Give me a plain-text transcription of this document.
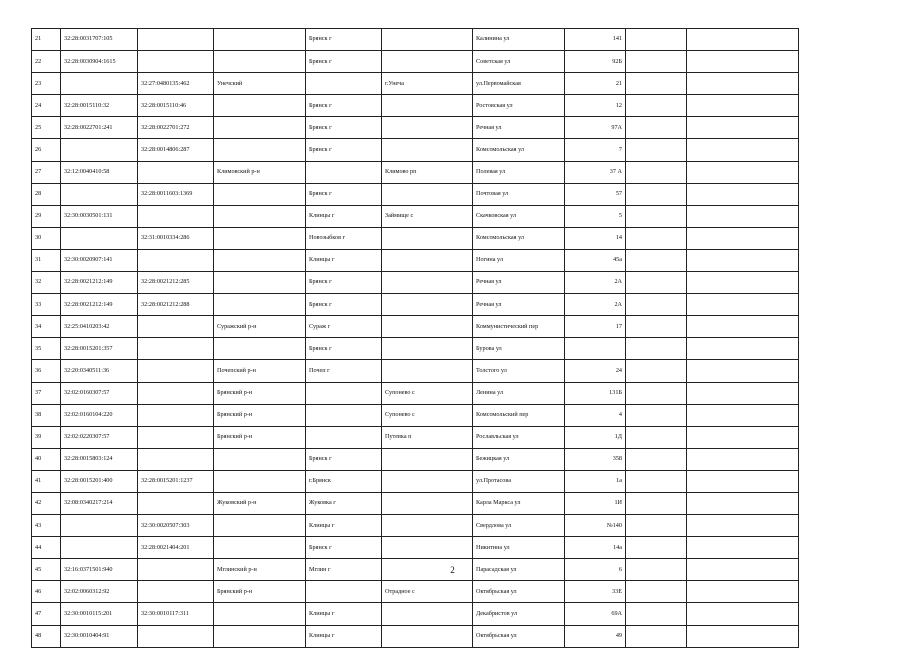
21	32:28:0031707:105			Брянск г		Калинина ул	141		
22	32:28:0030904:1615			Брянск г		Советская ул	92Б		
23		32:27:0480135:462	Унечский		г.Унеча	ул.Первомайская	21		
24	32:28:0015110:32	32:28:0015110:46		Брянск г		Ростовская ул	12		
25	32:28:0022701:241	32:28:0022701:272		Брянск г		Речная ул	97А		
26		32:28:0014806:287		Брянск г		Комсомольская ул	7		
27	32:12:0040410:58		Климовский р-н		Климово рп	Полевая ул	37 А		
28		32:28:0011603:1369		Брянск г		Почтовая ул	57		
29	32:30:0030501:131			Клинцы г	Займище с	Скачковская ул	5		
30		32:31:0010334:286		Новозыбков г		Комсомольская ул	14		
31	32:30:0020907:141			Клинцы г		Ногина ул	45а		
32	32:28:0021212:149	32:28:0021212:285		Брянск г		Речная ул	2А		
33	32:28:0021212:149	32:28:0021212:288		Брянск г		Речная ул	2А		
34	32:25:0410203:42		Суражский р-н	Сураж г		Коммунистический пер	17		
35	32:28:0015201:357			Брянск г		Бурова ул			
36	32:20:0340511:36		Почепский р-н	Почеп г		Толстого ул	24		
37	32:02:0160307:57		Брянский р-н		Супонево с	Ленина ул	131Б		
38	32:02:0160104:220		Брянский р-н		Супонево с	Комсомольский пер	4		
39	32:02:0220307:57		Брянский р-н		Путевка п	Рославльская ул	1Д		
40	32:28:0015803:124			Брянск г		Бежицкая ул	358		
41	32:28:0015201:400	32:28:0015201:1237		г.Брянск		ул.Протасова	1а		
42	32:08:0340217:214		Жуковский р-н	Жуковка г		Карла Маркса ул	1И		
43		32:30:0020507:303		Клинцы г		Свердлова ул	№140		
44		32:28:0021404:201		Брянск г		Никитина ул	14а		
45	32:16:0371501:940		Мглинский р-н	Мглин г		Парасадская ул	6		
46	32:02:0060312:92		Брянский р-н		Отрадное с	Октябрьская ул	33Е		
47	32:30:0010115:201	32:30:0010117:311		Клинцы г		Декабристов ул	69А		
48	32:30:0010404:91			Клинцы г		Октябрьская ул	49		
2
